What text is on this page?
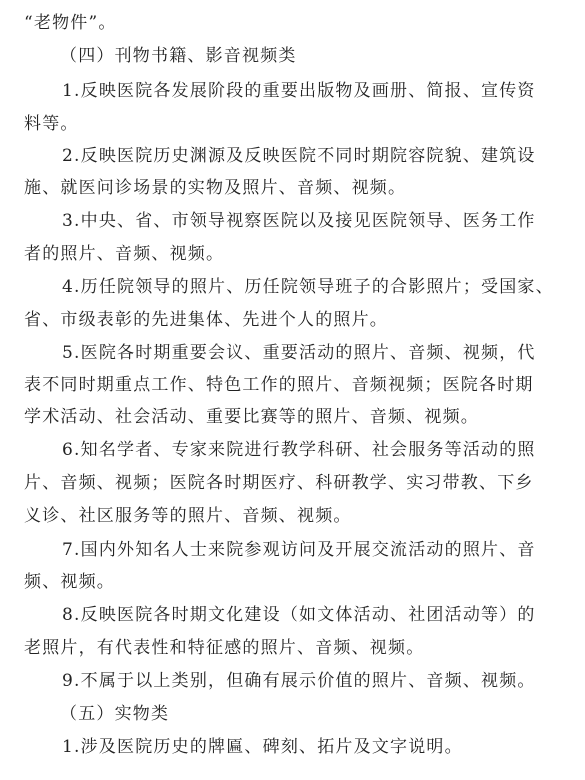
“老物件”。
（四）刊物书籍、影音视频类
1.反映医院各发展阶段的重要出版物及画册、简报、宣传资
料等。
2.反映医院历史渊源及反映医院不同时期院容院貌、建筑设
施、就医问诊场景的实物及照片、音频、视频。
3.中央、省、市领导视察医院以及接见医院领导、医务工作
者的照片、音频、视频。
4.历任院领导的照片、历任院领导班子的合影照片；受国家、
省、市级表彰的先进集体、先进个人的照片。
5.医院各时期重要会议、重要活动的照片、音频、视频，代
表不同时期重点工作、特色工作的照片、音频视频；医院各时期
学术活动、社会活动、重要比赛等的照片、音频、视频。
6.知名学者、专家来院进行教学科研、社会服务等活动的照
片、音频、视频；医院各时期医疗、科研教学、实习带教、下乡
义诊、社区服务等的照片、音频、视频。
7.国内外知名人士来院参观访问及开展交流活动的照片、音
频、视频。
8.反映医院各时期文化建设（如文体活动、社团活动等）的
老照片，有代表性和特征感的照片、音频、视频。
9.不属于以上类别，但确有展示价值的照片、音频、视频。
（五）实物类
1.涉及医院历史的牌匾、碑刻、拓片及文字说明。
